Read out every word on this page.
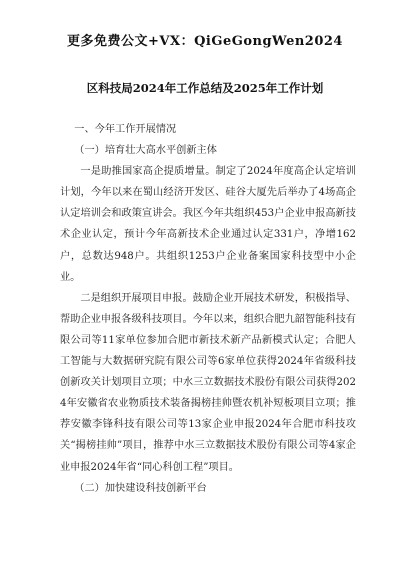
更多免费公文+VX：QiGeGongWen2024
区科技局2024年工作总结及2025年工作计划

一、今年工作开展情况

（一）培育壮大高水平创新主体

一是助推国家高企提质增量。制定了2024年度高企认定培训计划，今年以来在蜀山经济开发区、硅谷大厦先后举办了4场高企认定培训会和政策宣讲会。我区今年共组织453户企业申报高新技术企业认定，预计今年高新技术企业通过认定331户，净增162户，总数达948户。共组织1253户企业备案国家科技型中小企业。

二是组织开展项目申报。鼓励企业开展技术研发，积极指导、帮助企业申报各级科技项目。今年以来，组织合肥九韶智能科技有限公司等11家单位参加合肥市新技术新产品新模式认定；合肥人工智能与大数据研究院有限公司等6家单位获得2024年省级科技创新攻关计划项目立项；中水三立数据技术股份有限公司获得2024年安徽省农业物质技术装备揭榜挂帅暨农机补短板项目立项；推荐安徽李锋科技有限公司等13家企业申报2024年合肥市科技攻关“揭榜挂帅”项目，推荐中水三立数据技术股份有限公司等4家企业申报2024年省“同心科创工程”项目。

（二）加快建设科技创新平台
